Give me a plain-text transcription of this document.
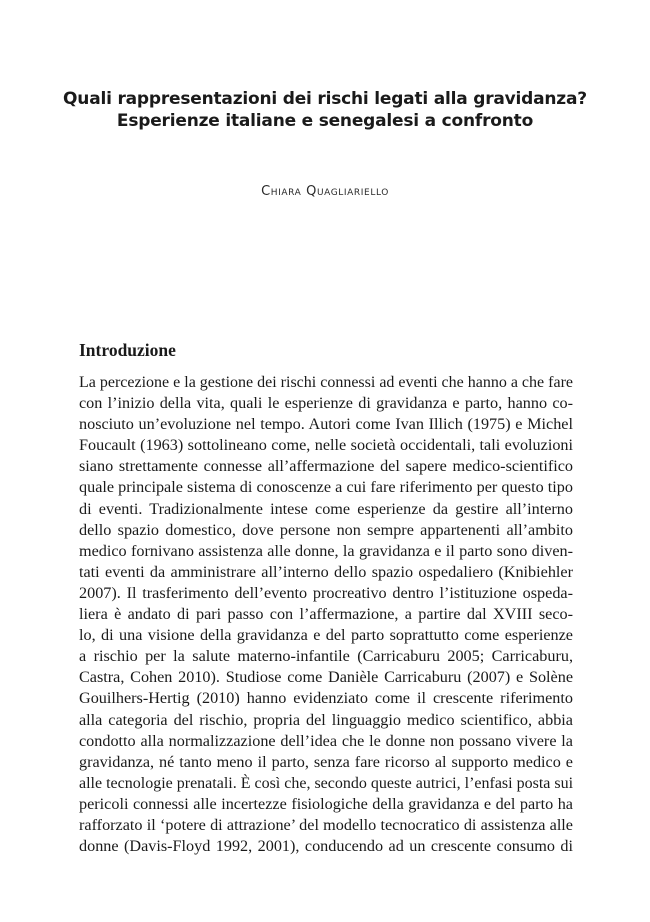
Quali rappresentazioni dei rischi legati alla gravidanza?
Esperienze italiane e senegalesi a confronto
Chiara Quagliariello
Introduzione
La percezione e la gestione dei rischi connessi ad eventi che hanno a che fare
con l’inizio della vita, quali le esperienze di gravidanza e parto, hanno co-
nosciuto un’evoluzione nel tempo. Autori come Ivan Illich (1975) e Michel
Foucault (1963) sottolineano come, nelle società occidentali, tali evoluzioni
siano strettamente connesse all’affermazione del sapere medico-scientifico
quale principale sistema di conoscenze a cui fare riferimento per questo tipo
di eventi. Tradizionalmente intese come esperienze da gestire all’interno
dello spazio domestico, dove persone non sempre appartenenti all’ambito
medico fornivano assistenza alle donne, la gravidanza e il parto sono diven-
tati eventi da amministrare all’interno dello spazio ospedaliero (Knibiehler
2007). Il trasferimento dell’evento procreativo dentro l’istituzione ospeda-
liera è andato di pari passo con l’affermazione, a partire dal XVIII seco-
lo, di una visione della gravidanza e del parto soprattutto come esperienze
a rischio per la salute materno-infantile (Carricaburu 2005; Carricaburu,
Castra, Cohen 2010). Studiose come Danièle Carricaburu (2007) e Solène
Gouilhers-Hertig (2010) hanno evidenziato come il crescente riferimento
alla categoria del rischio, propria del linguaggio medico scientifico, abbia
condotto alla normalizzazione dell’idea che le donne non possano vivere la
gravidanza, né tanto meno il parto, senza fare ricorso al supporto medico e
alle tecnologie prenatali. È così che, secondo queste autrici, l’enfasi posta sui
pericoli connessi alle incertezze fisiologiche della gravidanza e del parto ha
rafforzato il ‘potere di attrazione’ del modello tecnocratico di assistenza alle
donne (Davis-Floyd 1992, 2001), conducendo ad un crescente consumo di
